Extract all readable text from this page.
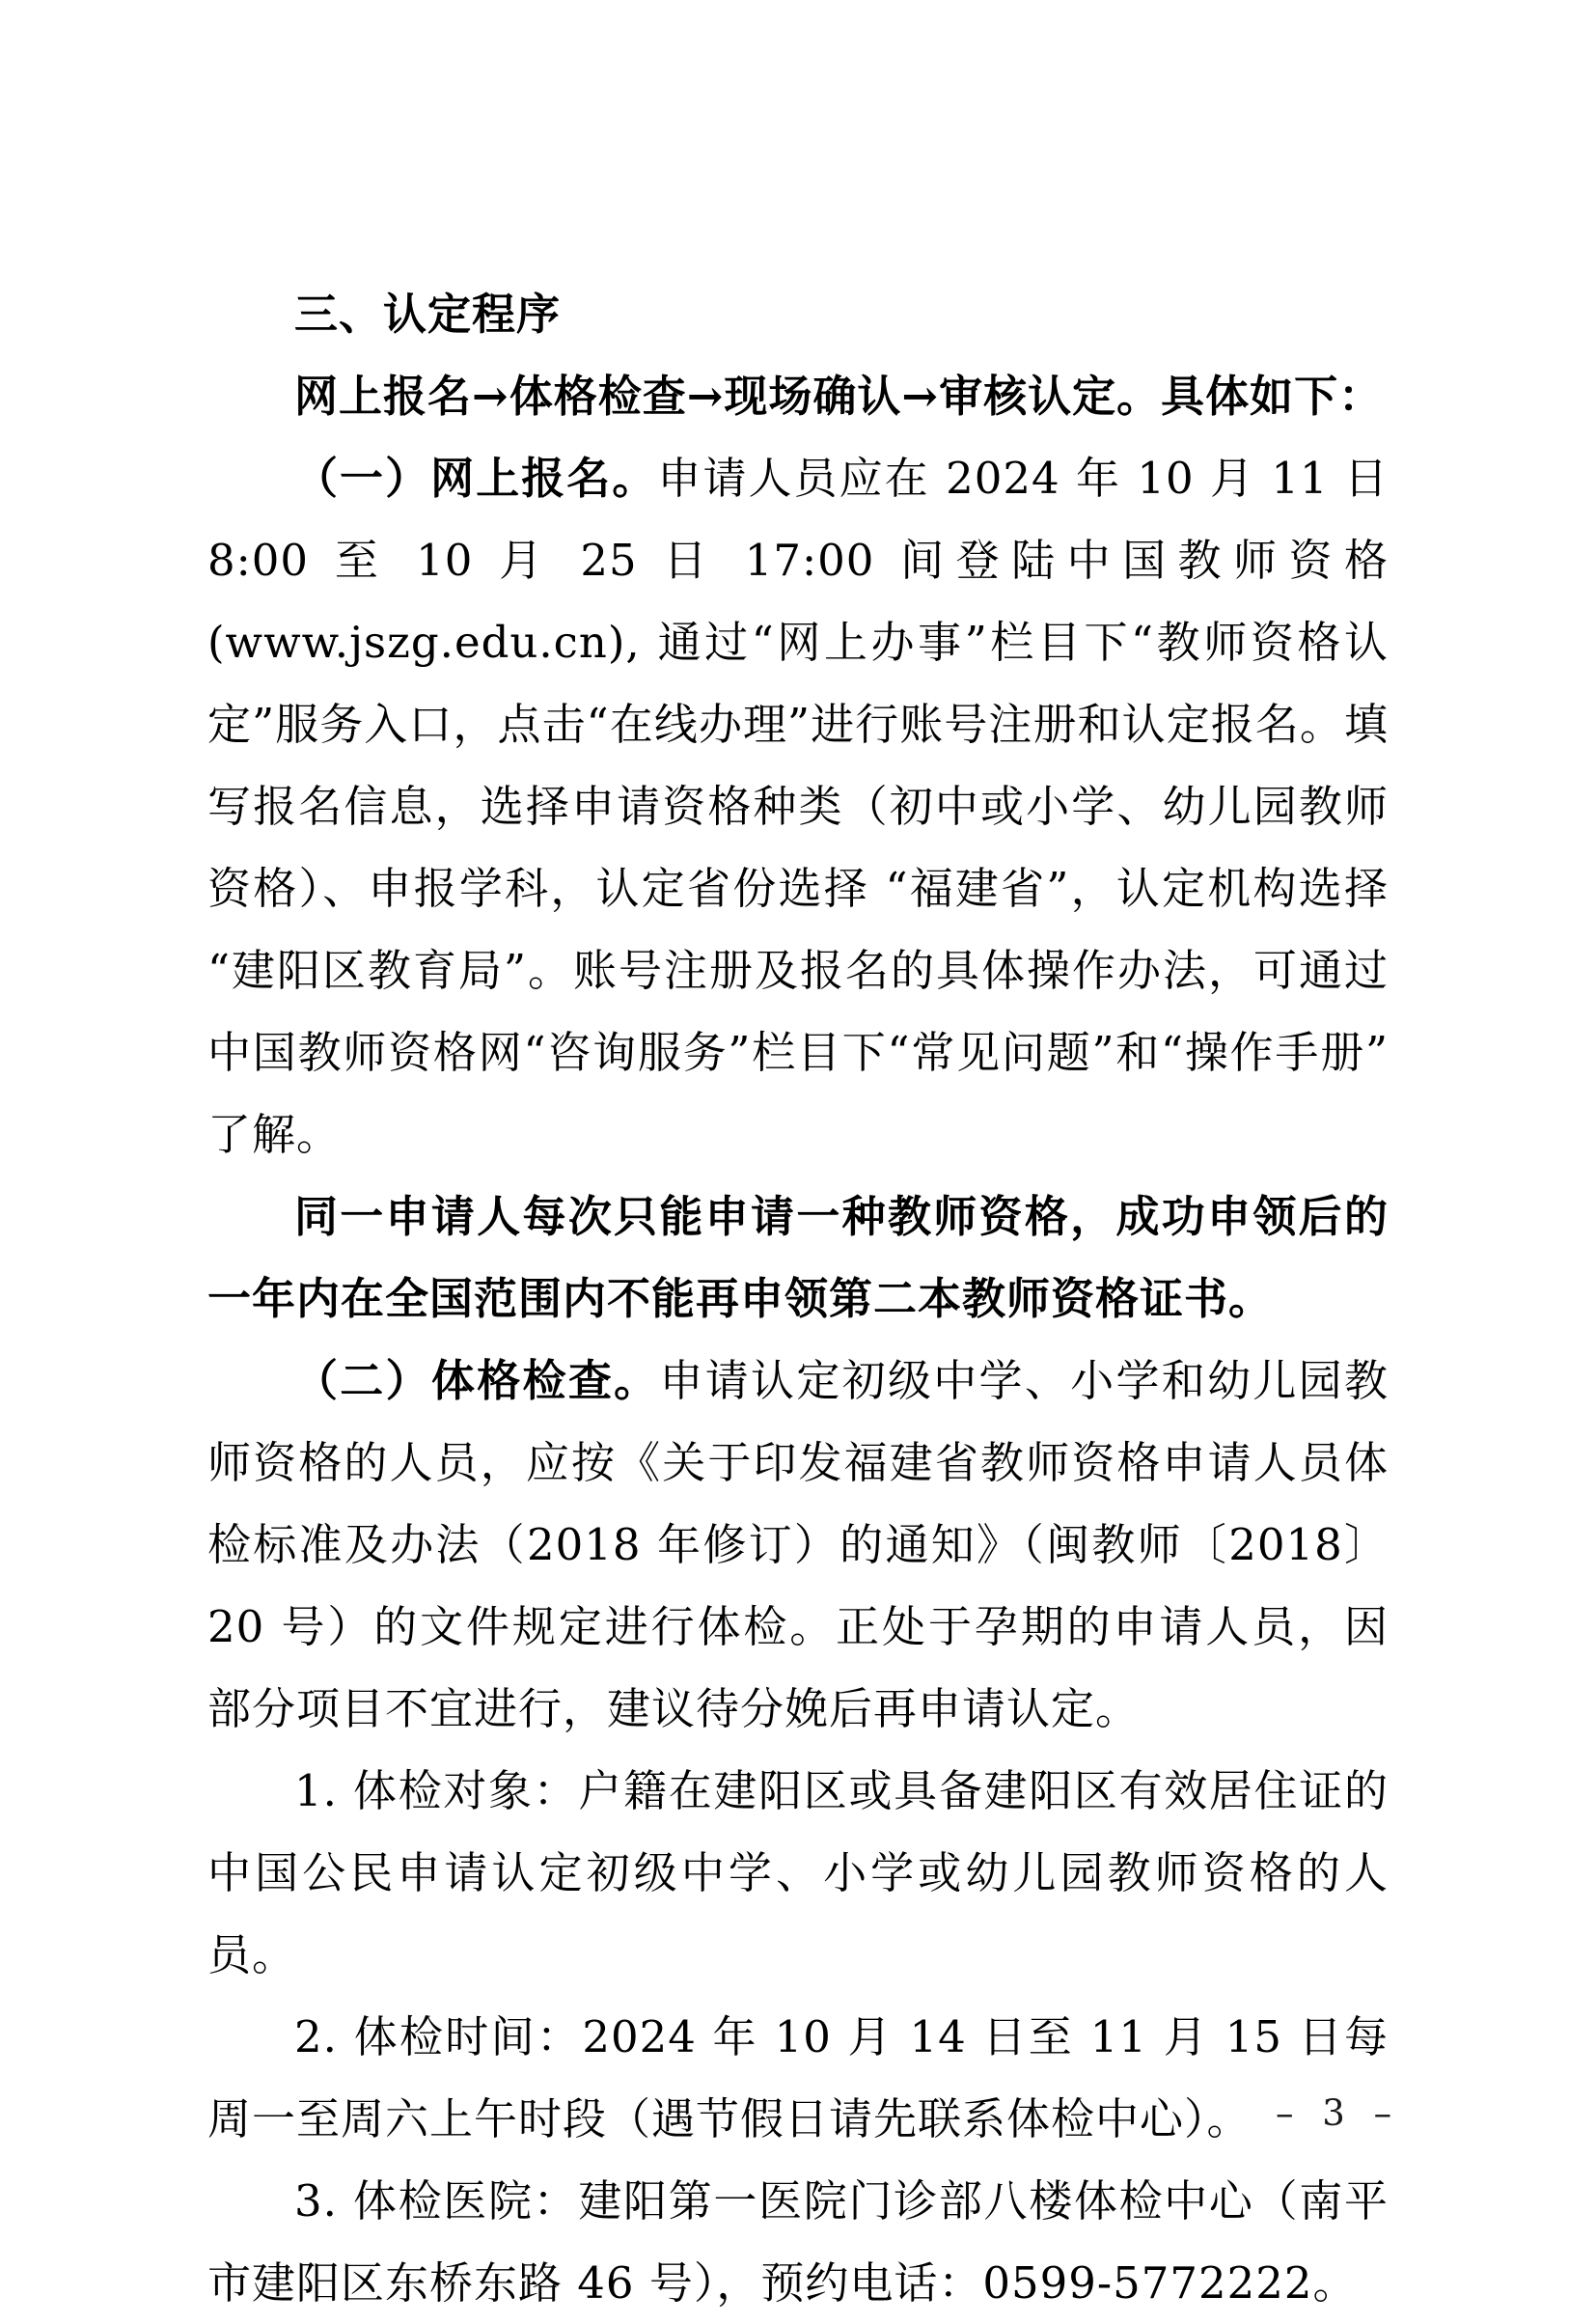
三、认定程序

网上报名→体格检查→现场确认→审核认定。具体如下：

（一）网上报名。申请人员应在 2024 年 10 月 11 日 8:00 至 10 月 25 日 17:00 间登陆中国教师资格(www.jszg.edu.cn), 通过“网上办事”栏目下“教师资格认定”服务入口，点击“在线办理”进行账号注册和认定报名。填写报名信息，选择申请资格种类（初中或小学、幼儿园教师资格）、申报学科，认定省份选择 “福建省”，认定机构选择 “建阳区教育局”。账号注册及报名的具体操作办法，可通过中国教师资格网“咨询服务”栏目下“常见问题”和“操作手册”了解。

同一申请人每次只能申请一种教师资格，成功申领后的一年内在全国范围内不能再申领第二本教师资格证书。

（二）体格检查。申请认定初级中学、小学和幼儿园教师资格的人员，应按《关于印发福建省教师资格申请人员体检标准及办法（2018 年修订）的通知》（闽教师〔2018〕20 号）的文件规定进行体检。正处于孕期的申请人员，因部分项目不宜进行，建议待分娩后再申请认定。

1. 体检对象：户籍在建阳区或具备建阳区有效居住证的中国公民申请认定初级中学、小学或幼儿园教师资格的人员。

2. 体检时间：2024 年 10 月 14 日至 11 月 15 日每周一至周六上午时段（遇节假日请先联系体检中心）。

3. 体检医院：建阳第一医院门诊部八楼体检中心（南平市建阳区东桥东路 46 号），预约电话：0599-5772222。

– 3 –
